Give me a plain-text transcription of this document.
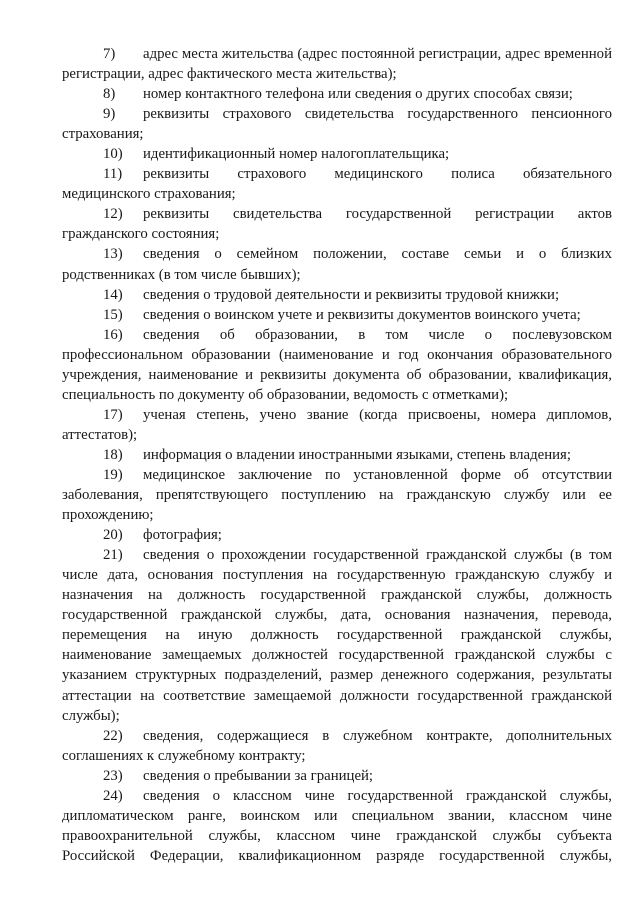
7)	адрес места жительства (адрес постоянной регистрации, адрес временной
регистрации, адрес фактического места жительства);
8)	номер контактного телефона или сведения о других способах связи;
9)	реквизиты страхового свидетельства государственного пенсионного
страхования;
10)	идентификационный номер налогоплательщика;
11)	реквизиты страхового медицинского полиса обязательного
медицинского страхования;
12)	реквизиты свидетельства государственной регистрации актов
гражданского состояния;
13)	сведения о семейном положении, составе семьи и о близких
родственниках (в том числе бывших);
14)	сведения о трудовой деятельности и реквизиты трудовой книжки;
15)	сведения о воинском учете и реквизиты документов воинского учета;
16)	сведения об образовании, в том числе о послевузовском
профессиональном образовании (наименование и год окончания образовательного
учреждения, наименование и реквизиты документа об образовании, квалификация,
специальность по документу об образовании, ведомость с отметками);
17)	ученая степень, учено звание (когда присвоены, номера дипломов,
аттестатов);
18)	информация о владении иностранными языками, степень владения;
19)	медицинское заключение по установленной форме об отсутствии
заболевания, препятствующего поступлению на гражданскую службу или ее
прохождению;
20)	фотография;
21)	сведения о прохождении государственной гражданской службы (в том
числе дата, основания поступления на государственную гражданскую службу и
назначения на должность государственной гражданской службы, должность
государственной гражданской службы, дата, основания назначения, перевода,
перемещения на иную должность государственной гражданской службы,
наименование замещаемых должностей государственной гражданской службы с
указанием структурных подразделений, размер денежного содержания, результаты
аттестации на соответствие замещаемой должности государственной гражданской
службы);
22)	сведения, содержащиеся в служебном контракте, дополнительных
соглашениях к служебному контракту;
23)	сведения о пребывании за границей;
24)	сведения о классном чине государственной гражданской службы,
дипломатическом ранге, воинском или специальном звании, классном чине
правоохранительной службы, классном чине гражданской службы субъекта
Российской Федерации, квалификационном разряде государственной службы,
